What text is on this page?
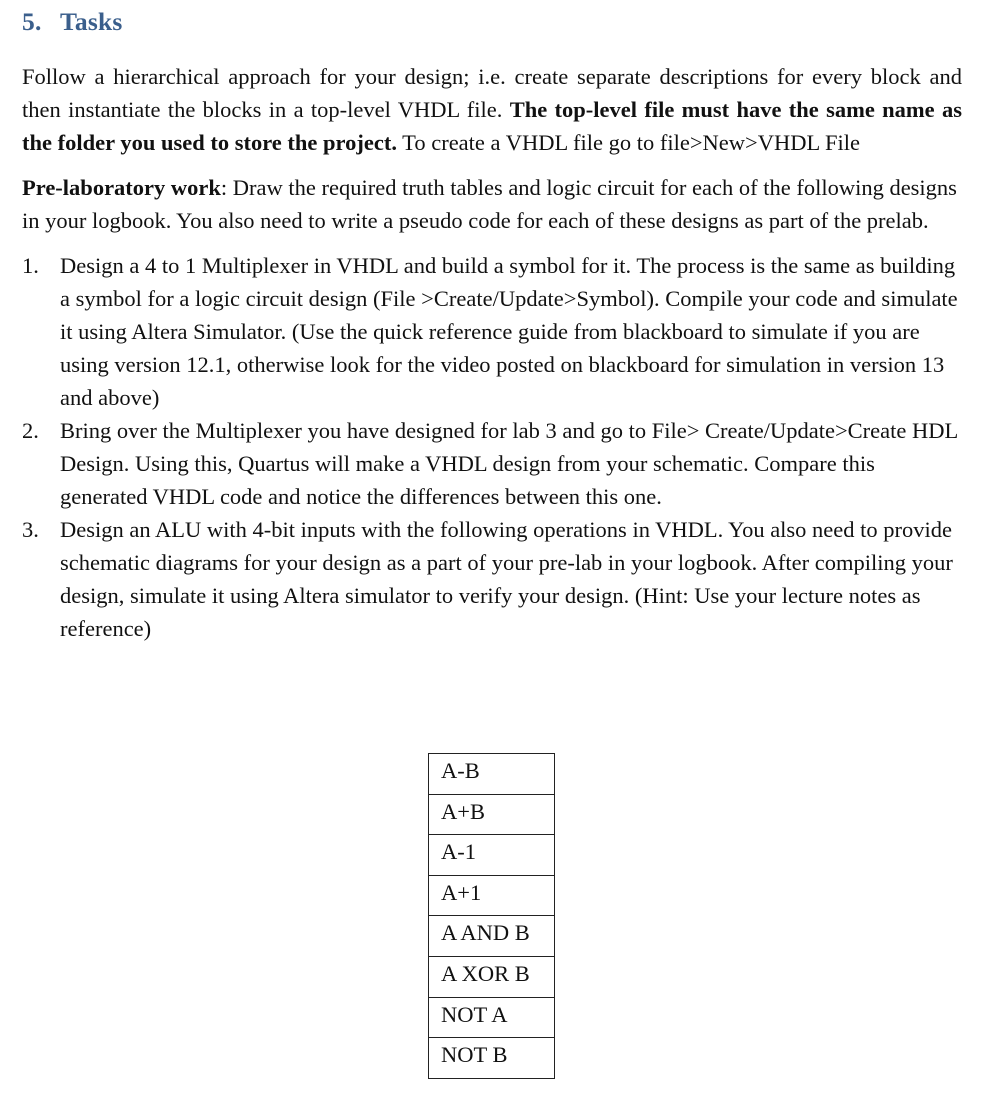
5. Tasks

Follow a hierarchical approach for your design; i.e. create separate descriptions for every block and then instantiate the blocks in a top-level VHDL file. The top-level file must have the same name as the folder you used to store the project. To create a VHDL file go to file>New>VHDL File

Pre-laboratory work: Draw the required truth tables and logic circuit for each of the following designs in your logbook. You also need to write a pseudo code for each of these designs as part of the prelab.

1. Design a 4 to 1 Multiplexer in VHDL and build a symbol for it. The process is the same as building a symbol for a logic circuit design (File >Create/Update>Symbol). Compile your code and simulate it using Altera Simulator. (Use the quick reference guide from blackboard to simulate if you are using version 12.1, otherwise look for the video posted on blackboard for simulation in version 13 and above)
2. Bring over the Multiplexer you have designed for lab 3 and go to File> Create/Update>Create HDL Design. Using this, Quartus will make a VHDL design from your schematic. Compare this generated VHDL code and notice the differences between this one.
3. Design an ALU with 4-bit inputs with the following operations in VHDL. You also need to provide schematic diagrams for your design as a part of your pre-lab in your logbook. After compiling your design, simulate it using Altera simulator to verify your design. (Hint: Use your lecture notes as reference)
A-B
A+B
A-1
A+1
A AND B
A XOR B
NOT A
NOT B
